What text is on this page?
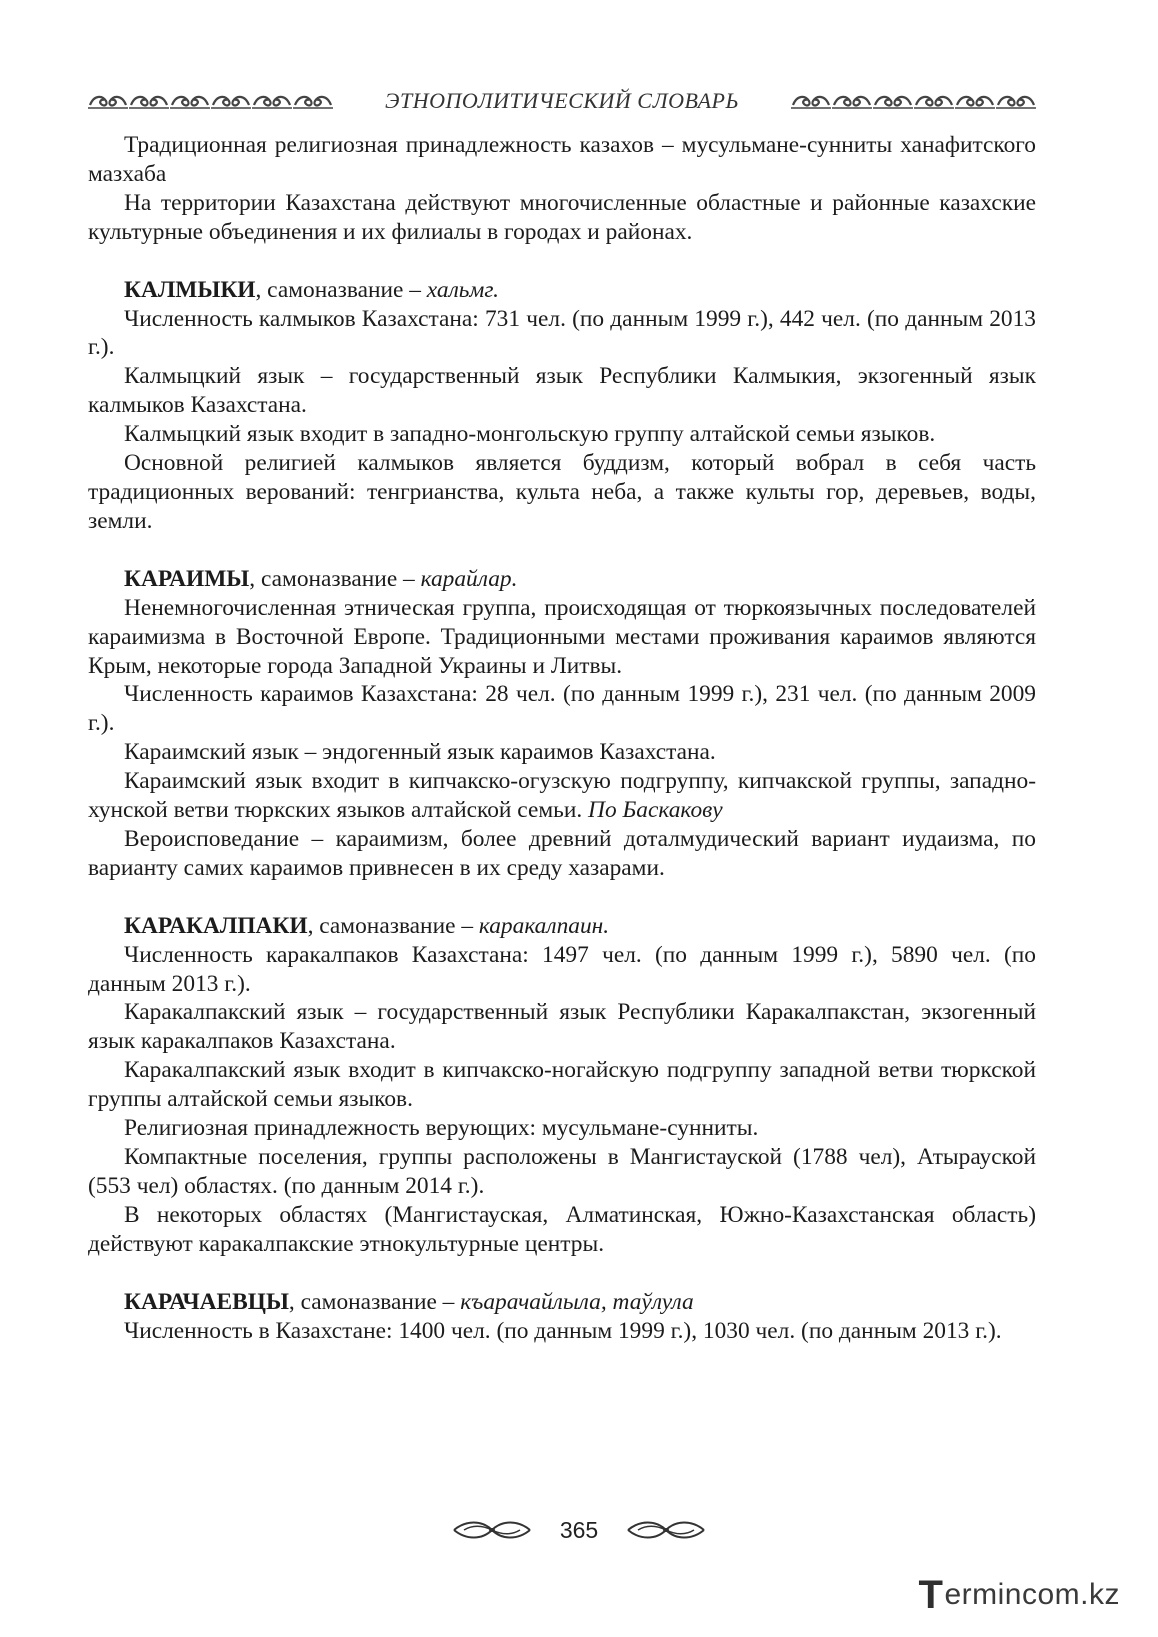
ЭТНОПОЛИТИЧЕСКИЙ СЛОВАРЬ

Традиционная религиозная принадлежность казахов – мусульмане-сунниты ханафитского мазхаба

На территории Казахстана действуют многочисленные областные и районные казахские культурные объединения и их филиалы в городах и районах.

КАЛМЫКИ, самоназвание – хальмг.

Численность калмыков Казахстана: 731 чел. (по данным 1999 г.), 442 чел. (по данным 2013 г.).

Калмыцкий язык – государственный язык Республики Калмыкия, экзогенный язык калмыков Казахстана.

Калмыцкий язык входит в западно-монгольскую группу алтайской семьи языков.

Основной религией калмыков является буддизм, который вобрал в себя часть традиционных верований: тенгрианства, культа неба, а также культы гор, деревьев, воды, земли.

КАРАИМЫ, самоназвание – карайлар.

Ненемногочисленная этническая группа, происходящая от тюркоязычных последователей караимизма в Восточной Европе. Традиционными местами проживания караимов являются Крым, некоторые города Западной Украины и Литвы.

Численность караимов Казахстана: 28 чел. (по данным 1999 г.), 231 чел. (по данным 2009 г.).

Караимский язык – эндогенный язык караимов Казахстана.

Караимский язык входит в кипчакско-огузскую подгруппу, кипчакской группы, западно-хунской ветви тюркских языков алтайской семьи. По Баскакову

Вероисповедание – караимизм, более древний доталмудический вариант иудаизма, по варианту самих караимов привнесен в их среду хазарами.

КАРАКАЛПАКИ, самоназвание – каракалпаин.

Численность каракалпаков Казахстана: 1497 чел. (по данным 1999 г.), 5890 чел. (по данным 2013 г.).

Каракалпакский язык – государственный язык Республики Каракалпакстан, экзогенный язык каракалпаков Казахстана.

Каракалпакский язык входит в кипчакско-ногайскую подгруппу западной ветви тюркской группы алтайской семьи языков.

Религиозная принадлежность верующих: мусульмане-сунниты.

Компактные поселения, группы расположены в Мангистауской (1788 чел), Атырауской (553 чел) областях. (по данным 2014 г.).

В некоторых областях (Мангистауская, Алматинская, Южно-Казахстанская область) действуют каракалпакские этнокультурные центры.

КАРАЧАЕВЦЫ, самоназвание – къарачайлыла, таўлула

Численность в Казахстане: 1400 чел. (по данным 1999 г.), 1030 чел. (по данным 2013 г.).

365
T ermincom.kz
